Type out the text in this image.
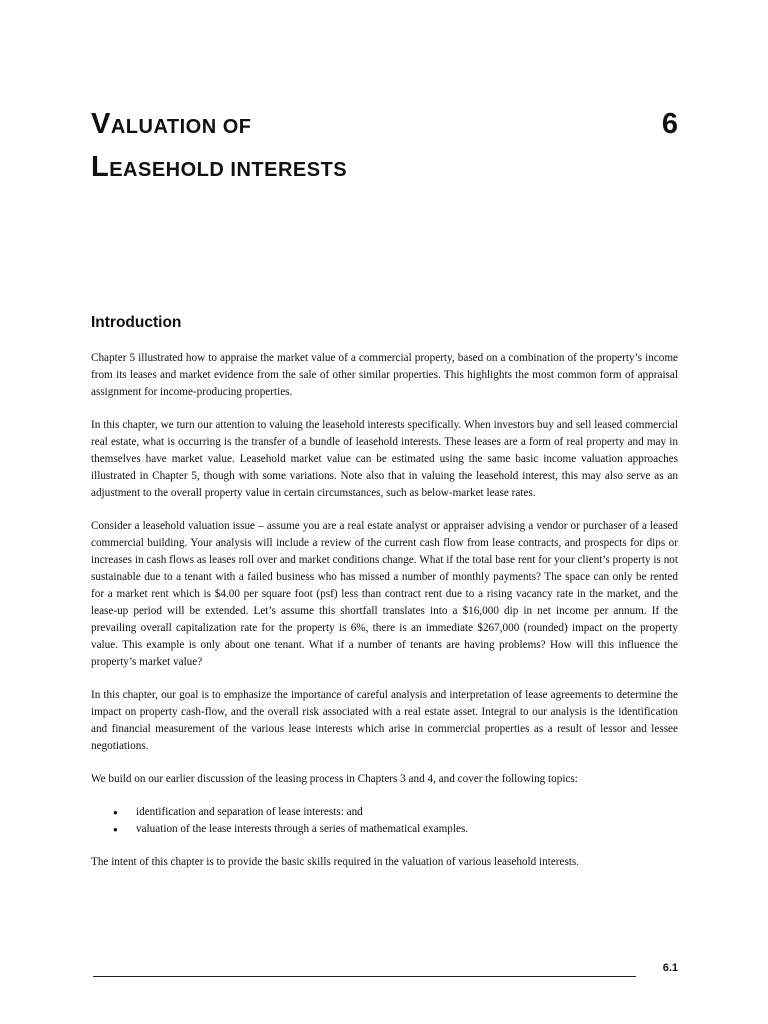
VALUATION OF
LEASEHOLD INTERESTS
6
Introduction

Chapter 5 illustrated how to appraise the market value of a commercial property, based on a combination of the property’s income from its leases and market evidence from the sale of other similar properties. This highlights the most common form of appraisal assignment for income-producing properties.

In this chapter, we turn our attention to valuing the leasehold interests specifically. When investors buy and sell leased commercial real estate, what is occurring is the transfer of a bundle of leasehold interests. These leases are a form of real property and may in themselves have market value. Leasehold market value can be estimated using the same basic income valuation approaches illustrated in Chapter 5, though with some variations. Note also that in valuing the leasehold interest, this may also serve as an adjustment to the overall property value in certain circumstances, such as below-market lease rates.

Consider a leasehold valuation issue – assume you are a real estate analyst or appraiser advising a vendor or purchaser of a leased commercial building. Your analysis will include a review of the current cash flow from lease contracts, and prospects for dips or increases in cash flows as leases roll over and market conditions change. What if the total base rent for your client’s property is not sustainable due to a tenant with a failed business who has missed a number of monthly payments? The space can only be rented for a market rent which is $4.00 per square foot (psf) less than contract rent due to a rising vacancy rate in the market, and the lease-up period will be extended. Let’s assume this shortfall translates into a $16,000 dip in net income per annum. If the prevailing overall capitalization rate for the property is 6%, there is an immediate $267,000 (rounded) impact on the property value. This example is only about one tenant. What if a number of tenants are having problems? How will this influence the property’s market value?

In this chapter, our goal is to emphasize the importance of careful analysis and interpretation of lease agreements to determine the impact on property cash-flow, and the overall risk associated with a real estate asset. Integral to our analysis is the identification and financial measurement of the various lease interests which arise in commercial properties as a result of lessor and lessee negotiations.

We build on our earlier discussion of the leasing process in Chapters 3 and 4, and cover the following topics:

● identification and separation of lease interests: and
● valuation of the lease interests through a series of mathematical examples.

The intent of this chapter is to provide the basic skills required in the valuation of various leasehold interests.

6.1
